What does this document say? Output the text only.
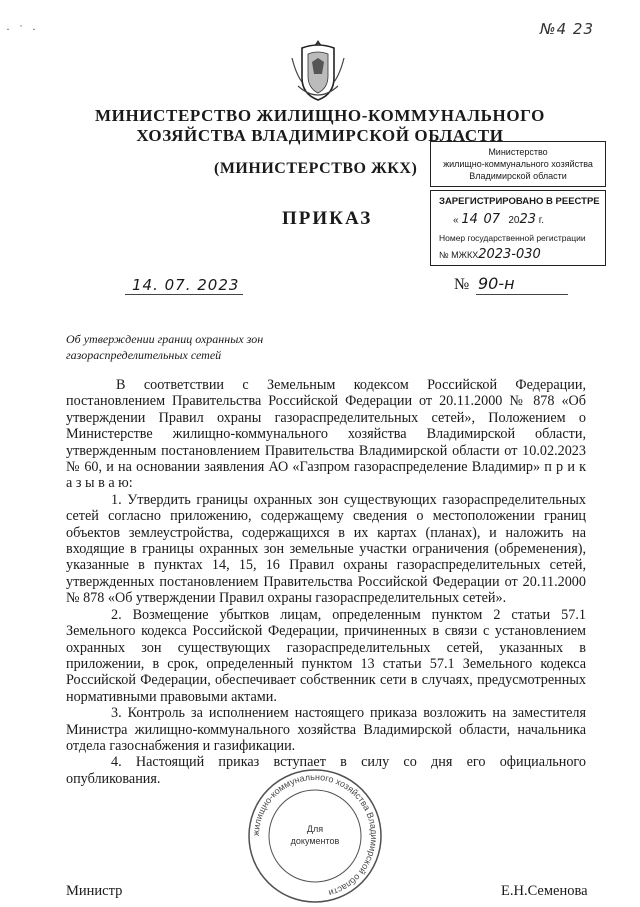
· ˙ ·	№4 23
МИНИСТЕРСТВО ЖИЛИЩНО-КОММУНАЛЬНОГО
ХОЗЯЙСТВА ВЛАДИМИРСКОЙ ОБЛАСТИ
(МИНИСТЕРСТВО ЖКХ)
ПРИКАЗ
Министерство
жилищно-коммунального хозяйства
Владимирской области
ЗАРЕГИСТРИРОВАНО В РЕЕСТРЕ
« 14 07 2023 г.
Номер государственной регистрации
№ МЖКХ2023-030
14. 07. 2023	№ 90-н
Об утверждении границ охранных зон
газораспределительных сетей

В соответствии с Земельным кодексом Российской Федерации, постановлением Правительства Российской Федерации от 20.11.2000 № 878 «Об утверждении Правил охраны газораспределительных сетей», Положением о Министерстве жилищно-коммунального хозяйства Владимирской области, утвержденным постановлением Правительства Владимирской области от 10.02.2023 № 60, и на основании заявления АО «Газпром газораспределение Владимир» п р и к а з ы в а ю:

1. Утвердить границы охранных зон существующих газораспределительных сетей согласно приложению, содержащему сведения о местоположении границ объектов землеустройства, содержащихся в их картах (планах), и наложить на входящие в границы охранных зон земельные участки ограничения (обременения), указанные в пунктах 14, 15, 16 Правил охраны газораспределительных сетей, утвержденных постановлением Правительства Российской Федерации от 20.11.2000 № 878 «Об утверждении Правил охраны газораспределительных сетей».

2. Возмещение убытков лицам, определенным пунктом 2 статьи 57.1 Земельного кодекса Российской Федерации, причиненных в связи с установлением охранных зон существующих газораспределительных сетей, указанных в приложении, в срок, определенный пунктом 13 статьи 57.1 Земельного кодекса Российской Федерации, обеспечивает собственник сети в случаях, предусмотренных нормативными правовыми актами.

3. Контроль за исполнением настоящего приказа возложить на заместителя Министра жилищно-коммунального хозяйства Владимирской области, начальника отдела газоснабжения и газификации.

4. Настоящий приказ вступает в силу со дня его официального опубликования.

жилищно-коммунального хозяйства Владимирской области
Для
документов
Министр	Е.Н.Семенова
